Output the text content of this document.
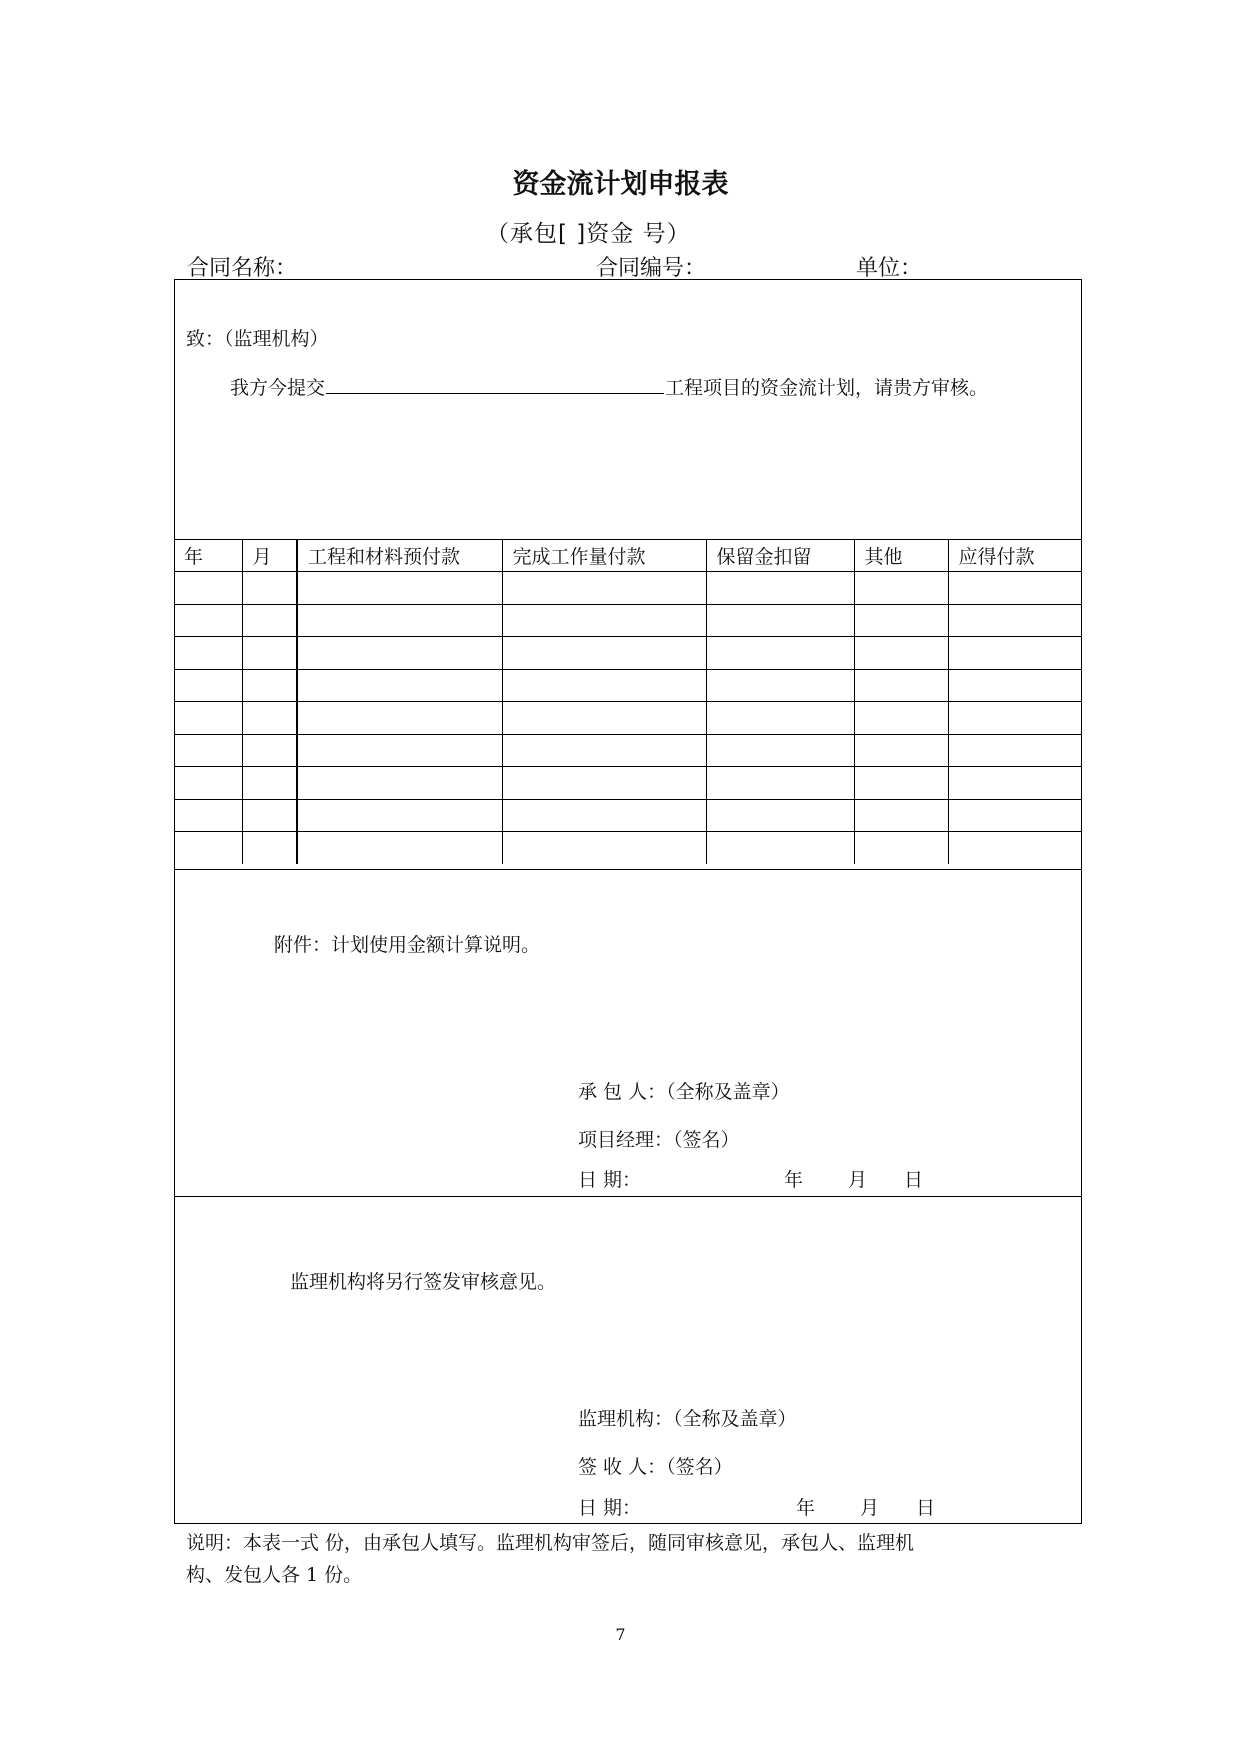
资金流计划申报表
（承包[ ]资金 号）
合同名称：	合同编号：	单位：
致：（监理机构）
我方今提交	工程项目的资金流计划，请贵方审核。
年	月	工程和材料预付款	完成工作量付款	保留金扣留	其他	应得付款

附件：计划使用金额计算说明。
承 包 人：（全称及盖章）
项目经理：（签名）
日 期：	年 月 日
监理机构将另行签发审核意见。
监理机构：（全称及盖章）
签 收 人：（签名）
日 期：	年 月 日
说明：本表一式 份，由承包人填写。监理机构审签后，随同审核意见，承包人、监理机
构、发包人各 1 份。
7
